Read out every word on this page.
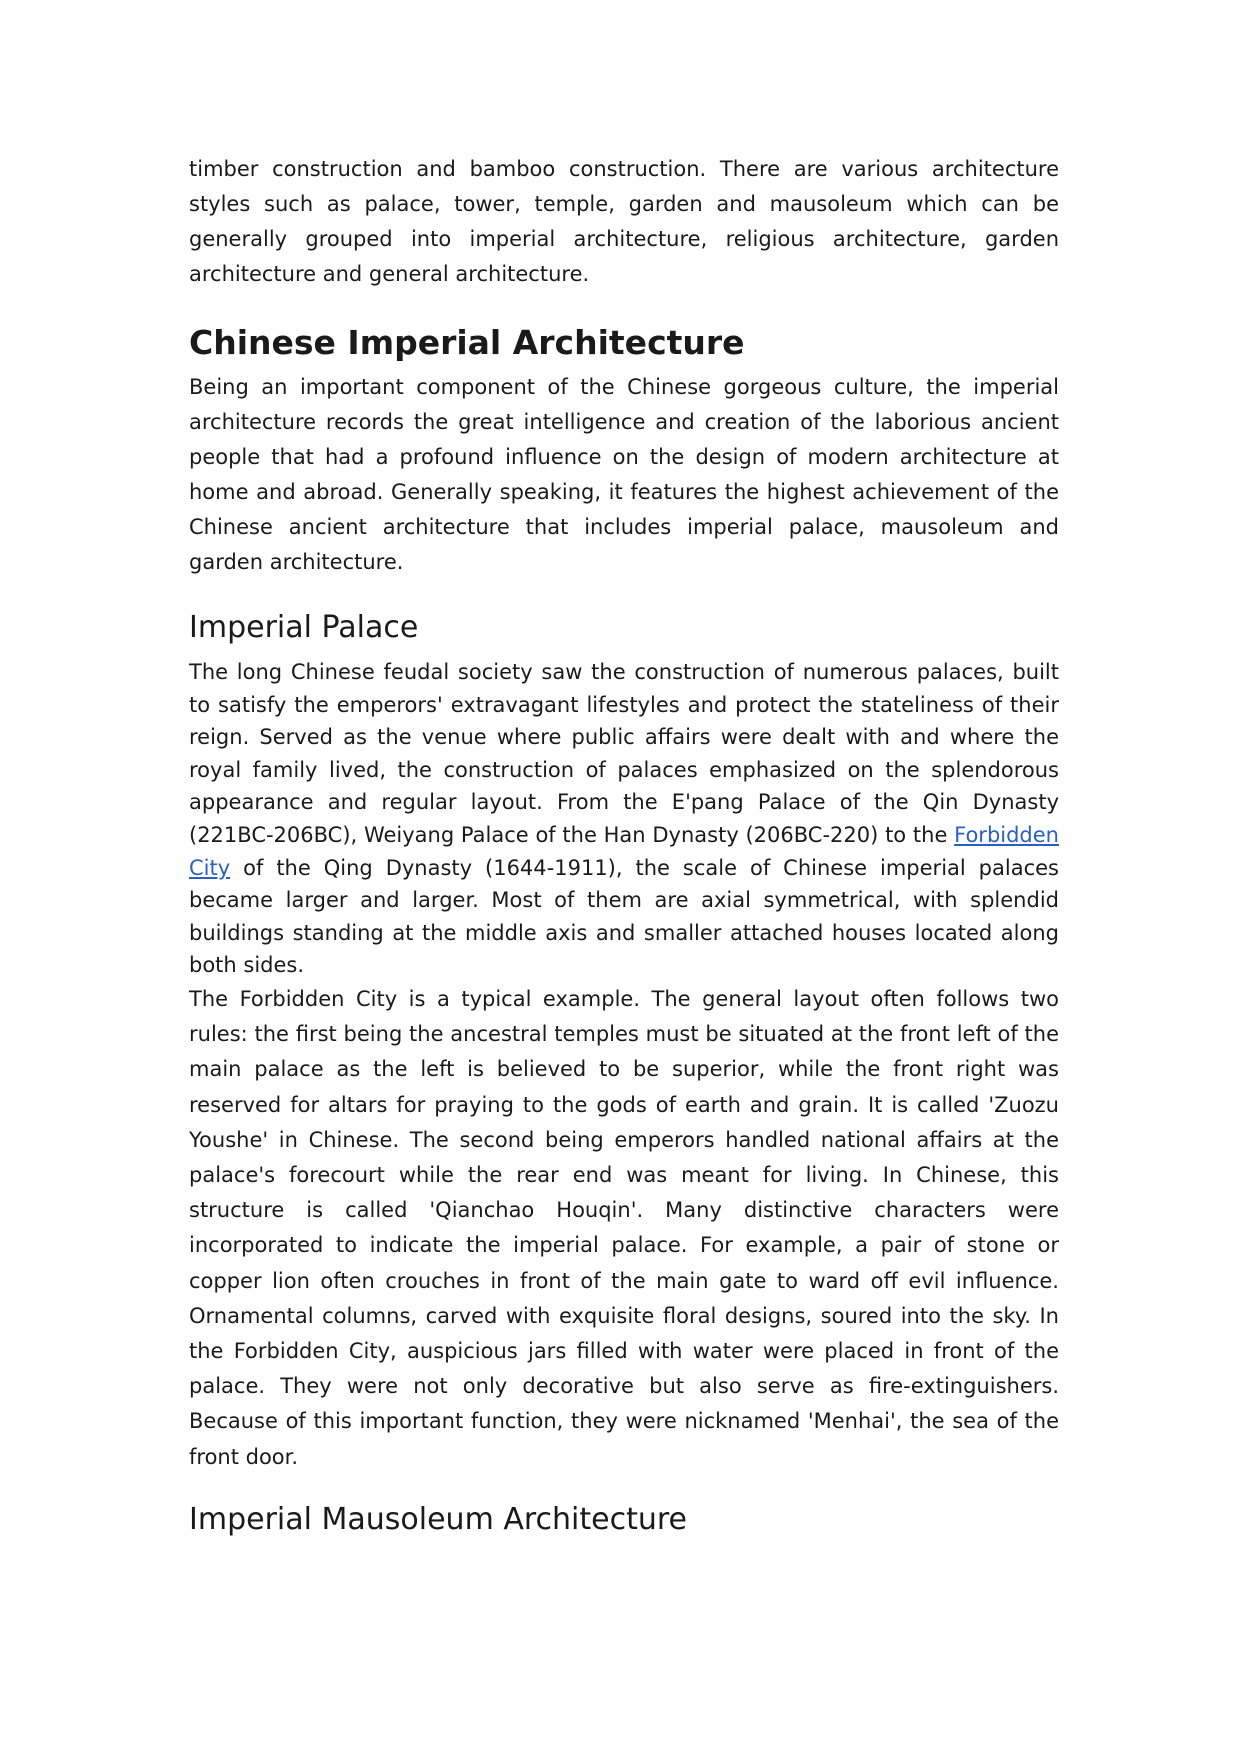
timber construction and bamboo construction. There are various architecture styles such as palace, tower, temple, garden and mausoleum which can be generally grouped into imperial architecture, religious architecture, garden architecture and general architecture.

Chinese Imperial Architecture

Being an important component of the Chinese gorgeous culture, the imperial architecture records the great intelligence and creation of the laborious ancient people that had a profound influence on the design of modern architecture at home and abroad. Generally speaking, it features the highest achievement of the Chinese ancient architecture that includes imperial palace, mausoleum and garden architecture.

Imperial Palace

The long Chinese feudal society saw the construction of numerous palaces, built to satisfy the emperors' extravagant lifestyles and protect the stateliness of their reign. Served as the venue where public affairs were dealt with and where the royal family lived, the construction of palaces emphasized on the splendorous appearance and regular layout. From the E'pang Palace of the Qin Dynasty (221BC-206BC), Weiyang Palace of the Han Dynasty (206BC-220) to the Forbidden City of the Qing Dynasty (1644-1911), the scale of Chinese imperial palaces became larger and larger. Most of them are axial symmetrical, with splendid buildings standing at the middle axis and smaller attached houses located along both sides.

The Forbidden City is a typical example. The general layout often follows two rules: the first being the ancestral temples must be situated at the front left of the main palace as the left is believed to be superior, while the front right was reserved for altars for praying to the gods of earth and grain. It is called 'Zuozu Youshe' in Chinese. The second being emperors handled national affairs at the palace's forecourt while the rear end was meant for living. In Chinese, this structure is called 'Qianchao Houqin'. Many distinctive characters were incorporated to indicate the imperial palace. For example, a pair of stone or copper lion often crouches in front of the main gate to ward off evil influence. Ornamental columns, carved with exquisite floral designs, soured into the sky. In the Forbidden City, auspicious jars filled with water were placed in front of the palace. They were not only decorative but also serve as fire-extinguishers. Because of this important function, they were nicknamed 'Menhai', the sea of the front door.

Imperial Mausoleum Architecture
